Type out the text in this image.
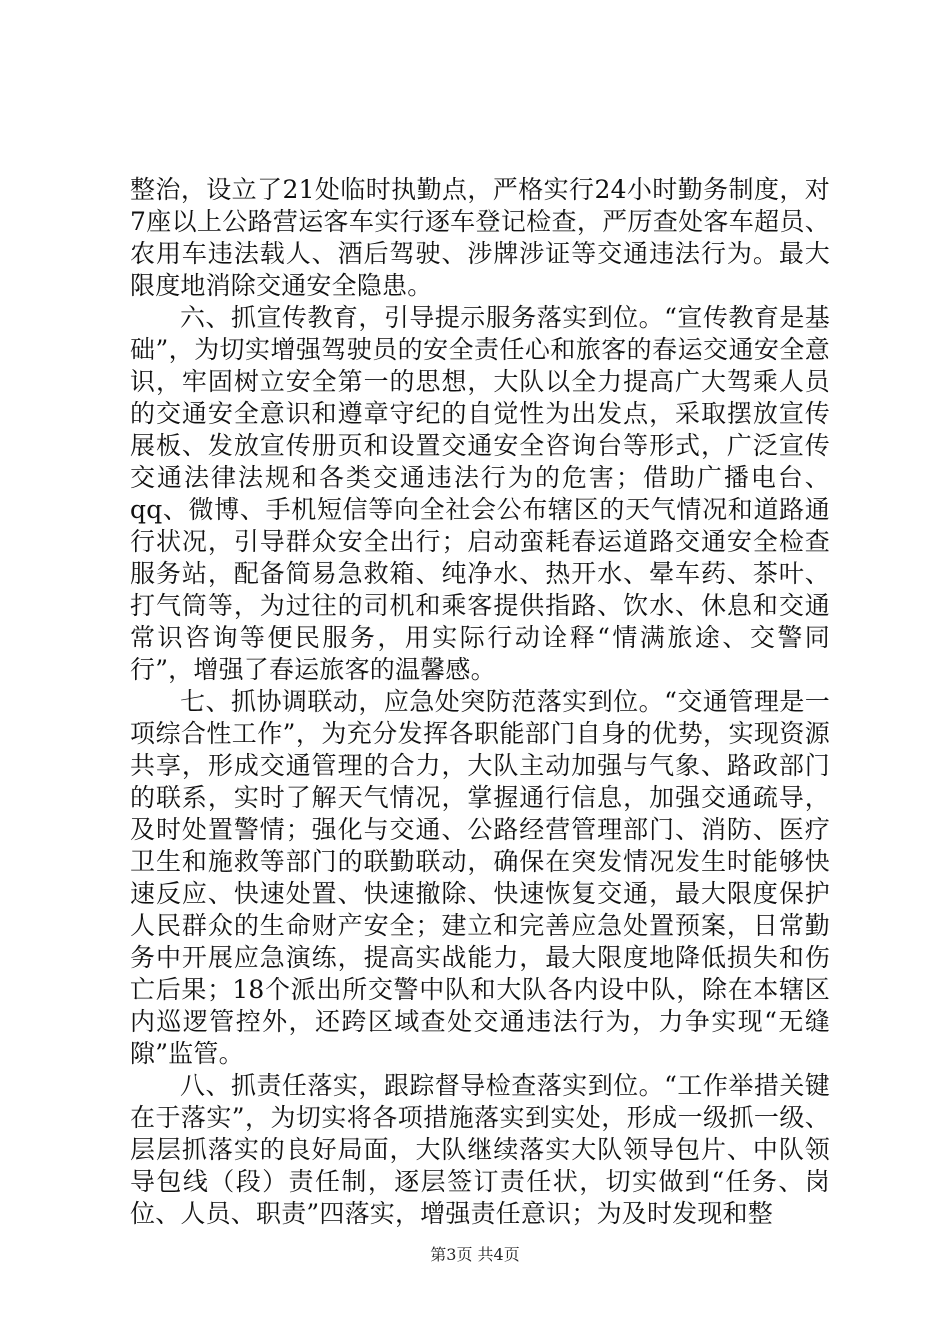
整治，设立了21处临时执勤点，严格实行24小时勤务制度，对7座以上公路营运客车实行逐车登记检查，严厉查处客车超员、农用车违法载人、酒后驾驶、涉牌涉证等交通违法行为。最大限度地消除交通安全隐患。

六、抓宣传教育，引导提示服务落实到位。“宣传教育是基础”，为切实增强驾驶员的安全责任心和旅客的春运交通安全意识，牢固树立安全第一的思想，大队以全力提高广大驾乘人员的交通安全意识和遵章守纪的自觉性为出发点，采取摆放宣传展板、发放宣传册页和设置交通安全咨询台等形式，广泛宣传交通法律法规和各类交通违法行为的危害；借助广播电台、qq、微博、手机短信等向全社会公布辖区的天气情况和道路通行状况，引导群众安全出行；启动蛮耗春运道路交通安全检查服务站，配备简易急救箱、纯净水、热开水、晕车药、茶叶、打气筒等，为过往的司机和乘客提供指路、饮水、休息和交通常识咨询等便民服务，用实际行动诠释“情满旅途、交警同行”，增强了春运旅客的温馨感。

七、抓协调联动，应急处突防范落实到位。“交通管理是一项综合性工作”，为充分发挥各职能部门自身的优势，实现资源共享，形成交通管理的合力，大队主动加强与气象、路政部门的联系，实时了解天气情况，掌握通行信息，加强交通疏导，及时处置警情；强化与交通、公路经营管理部门、消防、医疗卫生和施救等部门的联勤联动，确保在突发情况发生时能够快速反应、快速处置、快速撤除、快速恢复交通，最大限度保护人民群众的生命财产安全；建立和完善应急处置预案，日常勤务中开展应急演练，提高实战能力，最大限度地降低损失和伤亡后果；18个派出所交警中队和大队各内设中队，除在本辖区内巡逻管控外，还跨区域查处交通违法行为，力争实现“无缝隙”监管。

八、抓责任落实，跟踪督导检查落实到位。“工作举措关键在于落实”，为切实将各项措施落实到实处，形成一级抓一级、层层抓落实的良好局面，大队继续落实大队领导包片、中队领导包线（段）责任制，逐层签订责任状，切实做到“任务、岗位、人员、职责”四落实，增强责任意识；为及时发现和整

第3页 共4页
